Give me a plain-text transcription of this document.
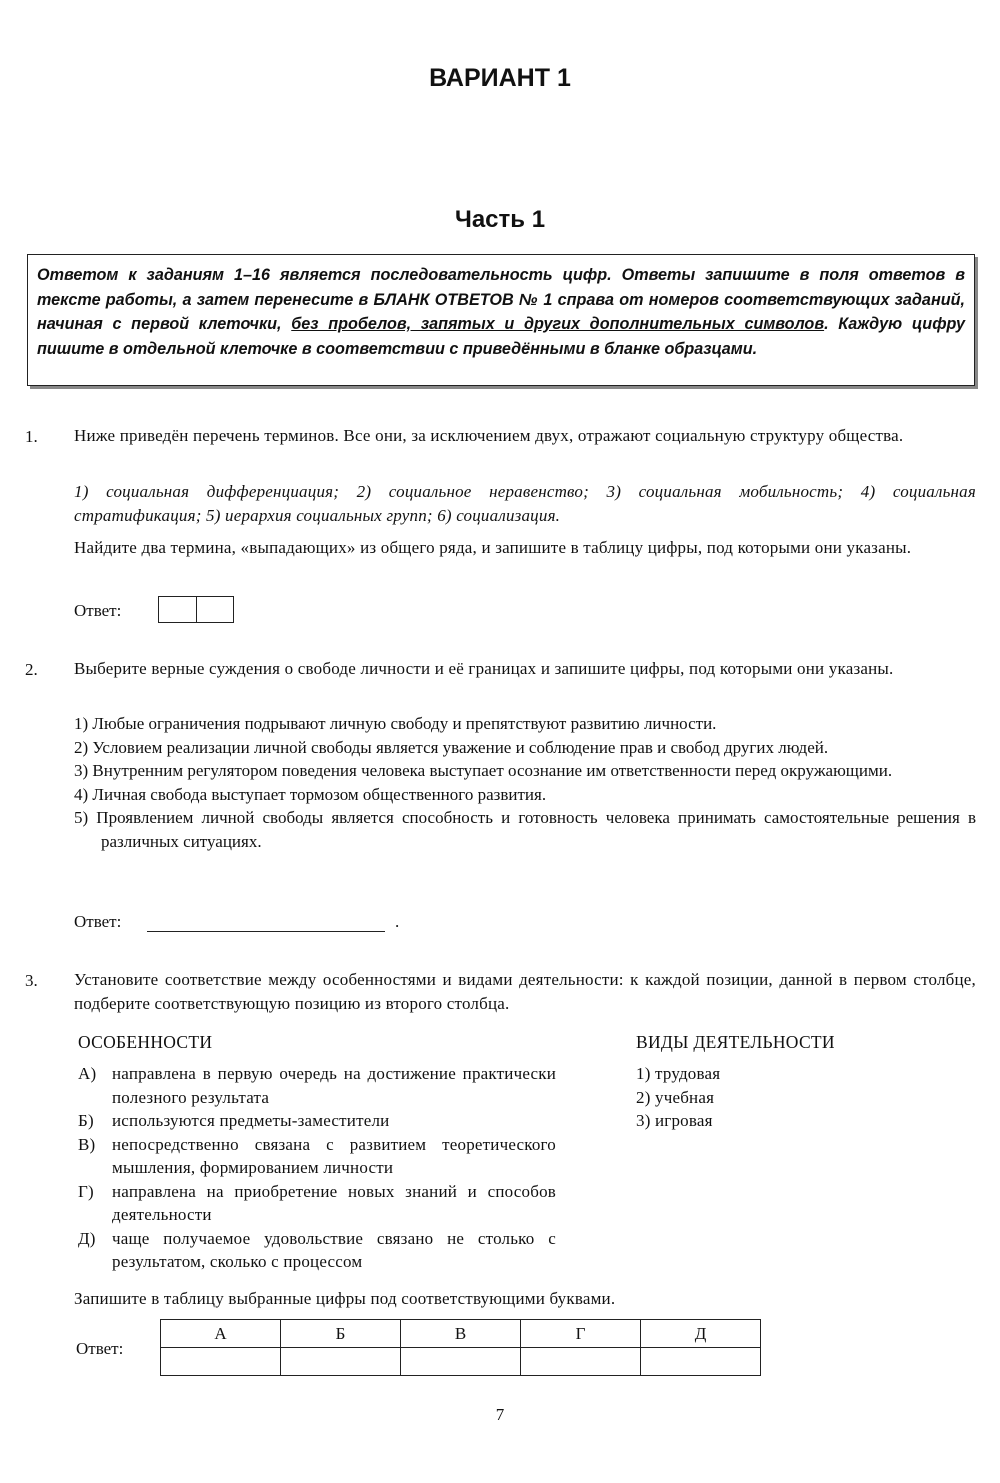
ВАРИАНТ 1
Часть 1
Ответом к заданиям 1–16 является последовательность цифр. Ответы запишите в поля ответов в тексте работы, а затем перенесите в БЛАНК ОТВЕТОВ № 1 справа от номеров соответствующих заданий, начиная с первой клеточки, без пробелов, запятых и других дополнительных символов. Каждую цифру пишите в отдельной клеточке в соответствии с приведёнными в бланке образцами.
1. Ниже приведён перечень терминов. Все они, за исключением двух, отражают социальную структуру общества.
1) социальная дифференциация; 2) социальное неравенство; 3) социальная мобильность; 4) социальная стратификация; 5) иерархия социальных групп; 6) социализация.
Найдите два термина, «выпадающих» из общего ряда, и запишите в таблицу цифры, под которыми они указаны.
Ответ:
2. Выберите верные суждения о свободе личности и её границах и запишите цифры, под которыми они указаны.
1) Любые ограничения подрывают личную свободу и препятствуют развитию личности.
2) Условием реализации личной свободы является уважение и соблюдение прав и свобод других людей.
3) Внутренним регулятором поведения человека выступает осознание им ответственности перед окружающими.
4) Личная свобода выступает тормозом общественного развития.
5) Проявлением личной свободы является способность и готовность человека принимать самостоятельные решения в различных ситуациях.
Ответ:	.
3. Установите соответствие между особенностями и видами деятельности: к каждой позиции, данной в первом столбце, подберите соответствующую позицию из второго столбца.
ОСОБЕННОСТИ	ВИДЫ ДЕЯТЕЛЬНОСТИ
А) направлена в первую очередь на достижение практически полезного результата
Б)	используются предметы-заместители
В) непосредственно связана с развитием теоретического мышления, формированием личности
Г)	направлена на приобретение новых знаний и способов деятельности
Д) чаще получаемое удовольствие связано не столько с результатом, сколько с процессом
1) трудовая
2) учебная
3) игровая
Запишите в таблицу выбранные цифры под соответствующими буквами.
Ответ:
А	Б	В	Г	Д

7
